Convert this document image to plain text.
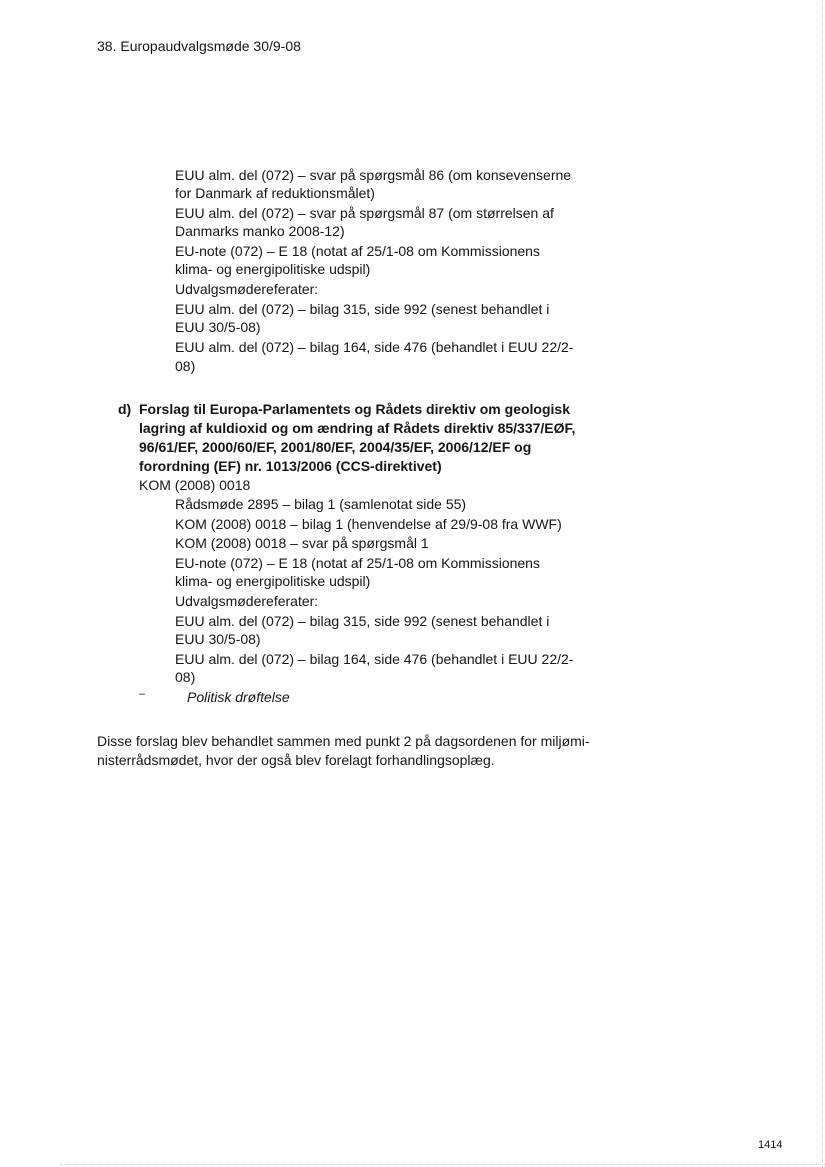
38. Europaudvalgsmøde 30/9-08
EUU alm. del (072) – svar på spørgsmål 86 (om konsevenserne
for Danmark af reduktionsmålet)
EUU alm. del (072) – svar på spørgsmål 87 (om størrelsen af
Danmarks manko 2008-12)
EU-note (072) – E 18 (notat af 25/1-08 om Kommissionens
klima- og energipolitiske udspil)
Udvalgsmødereferater:
EUU alm. del (072) – bilag 315, side 992 (senest behandlet i
EUU 30/5-08)
EUU alm. del (072) – bilag 164, side 476 (behandlet i EUU 22/2-
08)
d) Forslag til Europa-Parlamentets og Rådets direktiv om geologisk
lagring af kuldioxid og om ændring af Rådets direktiv 85/337/EØF,
96/61/EF, 2000/60/EF, 2001/80/EF, 2004/35/EF, 2006/12/EF og
forordning (EF) nr. 1013/2006 (CCS-direktivet)
KOM (2008) 0018
Rådsmøde 2895 – bilag 1 (samlenotat side 55)
KOM (2008) 0018 – bilag 1 (henvendelse af 29/9-08 fra WWF)
KOM (2008) 0018 – svar på spørgsmål 1
EU-note (072) – E 18 (notat af 25/1-08 om Kommissionens
klima- og energipolitiske udspil)
Udvalgsmødereferater:
EUU alm. del (072) – bilag 315, side 992 (senest behandlet i
EUU 30/5-08)
EUU alm. del (072) – bilag 164, side 476 (behandlet i EUU 22/2-
08)
–	Politisk drøftelse
Disse forslag blev behandlet sammen med punkt 2 på dagsordenen for miljømi-
nisterrådsmødet, hvor der også blev forelagt forhandlingsoplæg.
1414
